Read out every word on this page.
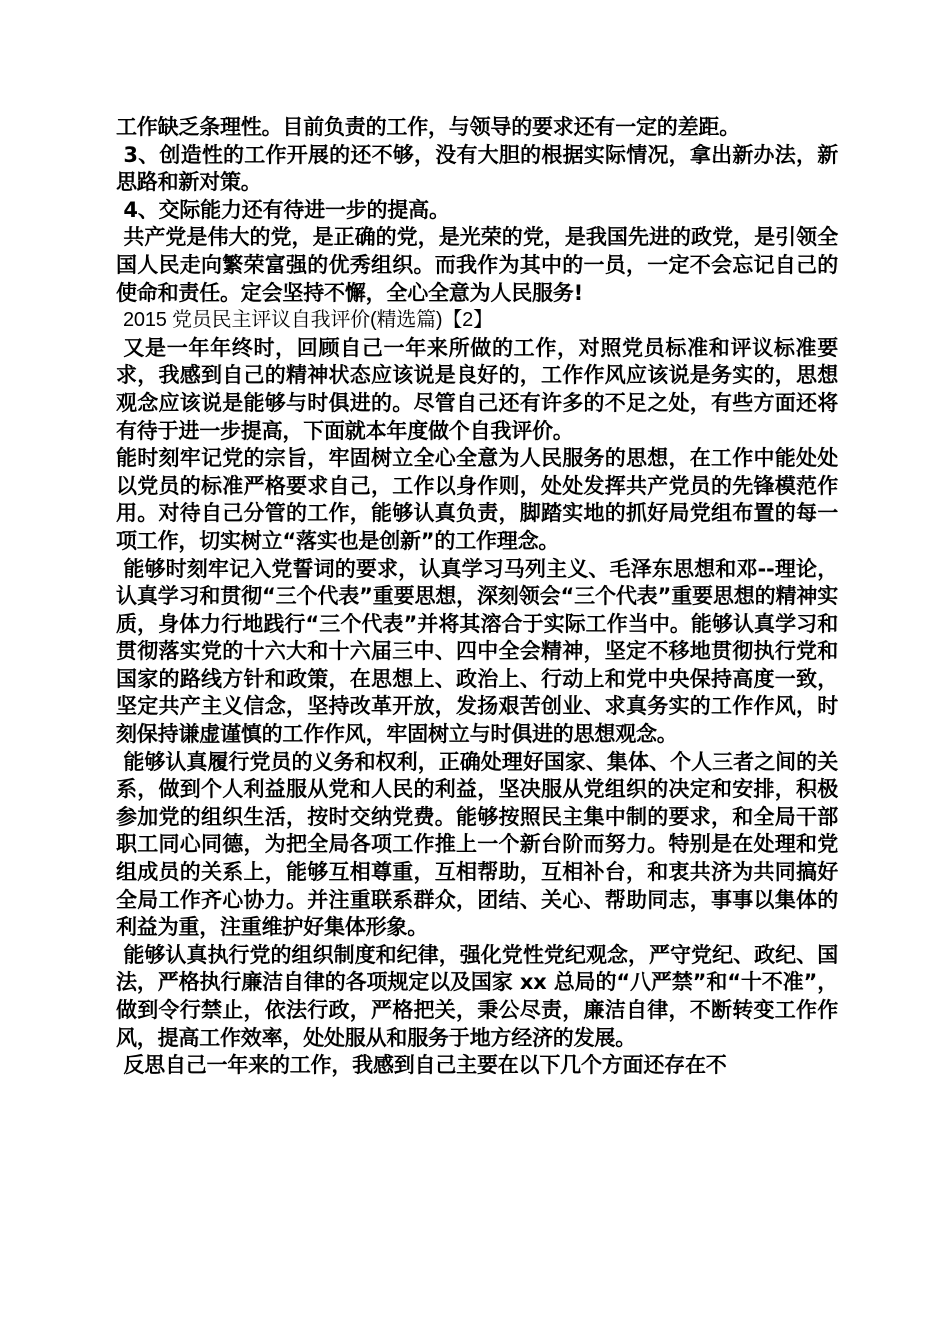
工作缺乏条理性。目前负责的工作，与领导的要求还有一定的差距。

3、创造性的工作开展的还不够，没有大胆的根据实际情况，拿出新办法，新思路和新对策。

4、交际能力还有待进一步的提高。

共产党是伟大的党，是正确的党，是光荣的党，是我国先进的政党，是引领全国人民走向繁荣富强的优秀组织。而我作为其中的一员，一定不会忘记自己的使命和责任。定会坚持不懈，全心全意为人民服务!

2015 党员民主评议自我评价(精选篇)【2】

又是一年年终时，回顾自己一年来所做的工作，对照党员标准和评议标准要求，我感到自己的精神状态应该说是良好的，工作作风应该说是务实的，思想观念应该说是能够与时俱进的。尽管自己还有许多的不足之处，有些方面还将有待于进一步提高，下面就本年度做个自我评价。

能时刻牢记党的宗旨，牢固树立全心全意为人民服务的思想，在工作中能处处以党员的标准严格要求自己，工作以身作则，处处发挥共产党员的先锋模范作用。对待自己分管的工作，能够认真负责，脚踏实地的抓好局党组布置的每一项工作，切实树立“落实也是创新”的工作理念。

能够时刻牢记入党誓词的要求，认真学习马列主义、毛泽东思想和邓--理论，认真学习和贯彻“三个代表”重要思想，深刻领会“三个代表”重要思想的精神实质，身体力行地践行“三个代表”并将其溶合于实际工作当中。能够认真学习和贯彻落实党的十六大和十六届三中、四中全会精神，坚定不移地贯彻执行党和国家的路线方针和政策，在思想上、政治上、行动上和党中央保持高度一致，坚定共产主义信念，坚持改革开放，发扬艰苦创业、求真务实的工作作风，时刻保持谦虚谨慎的工作作风，牢固树立与时俱进的思想观念。

能够认真履行党员的义务和权利，正确处理好国家、集体、个人三者之间的关系，做到个人利益服从党和人民的利益，坚决服从党组织的决定和安排，积极参加党的组织生活，按时交纳党费。能够按照民主集中制的要求，和全局干部职工同心同德，为把全局各项工作推上一个新台阶而努力。特别是在处理和党组成员的关系上，能够互相尊重，互相帮助，互相补台，和衷共济为共同搞好全局工作齐心协力。并注重联系群众，团结、关心、帮助同志，事事以集体的利益为重，注重维护好集体形象。

能够认真执行党的组织制度和纪律，强化党性党纪观念，严守党纪、政纪、国法，严格执行廉洁自律的各项规定以及国家 xx 总局的“八严禁”和“十不准”，做到令行禁止，依法行政，严格把关，秉公尽责，廉洁自律，不断转变工作作风，提高工作效率，处处服从和服务于地方经济的发展。

反思自己一年来的工作，我感到自己主要在以下几个方面还存在不
